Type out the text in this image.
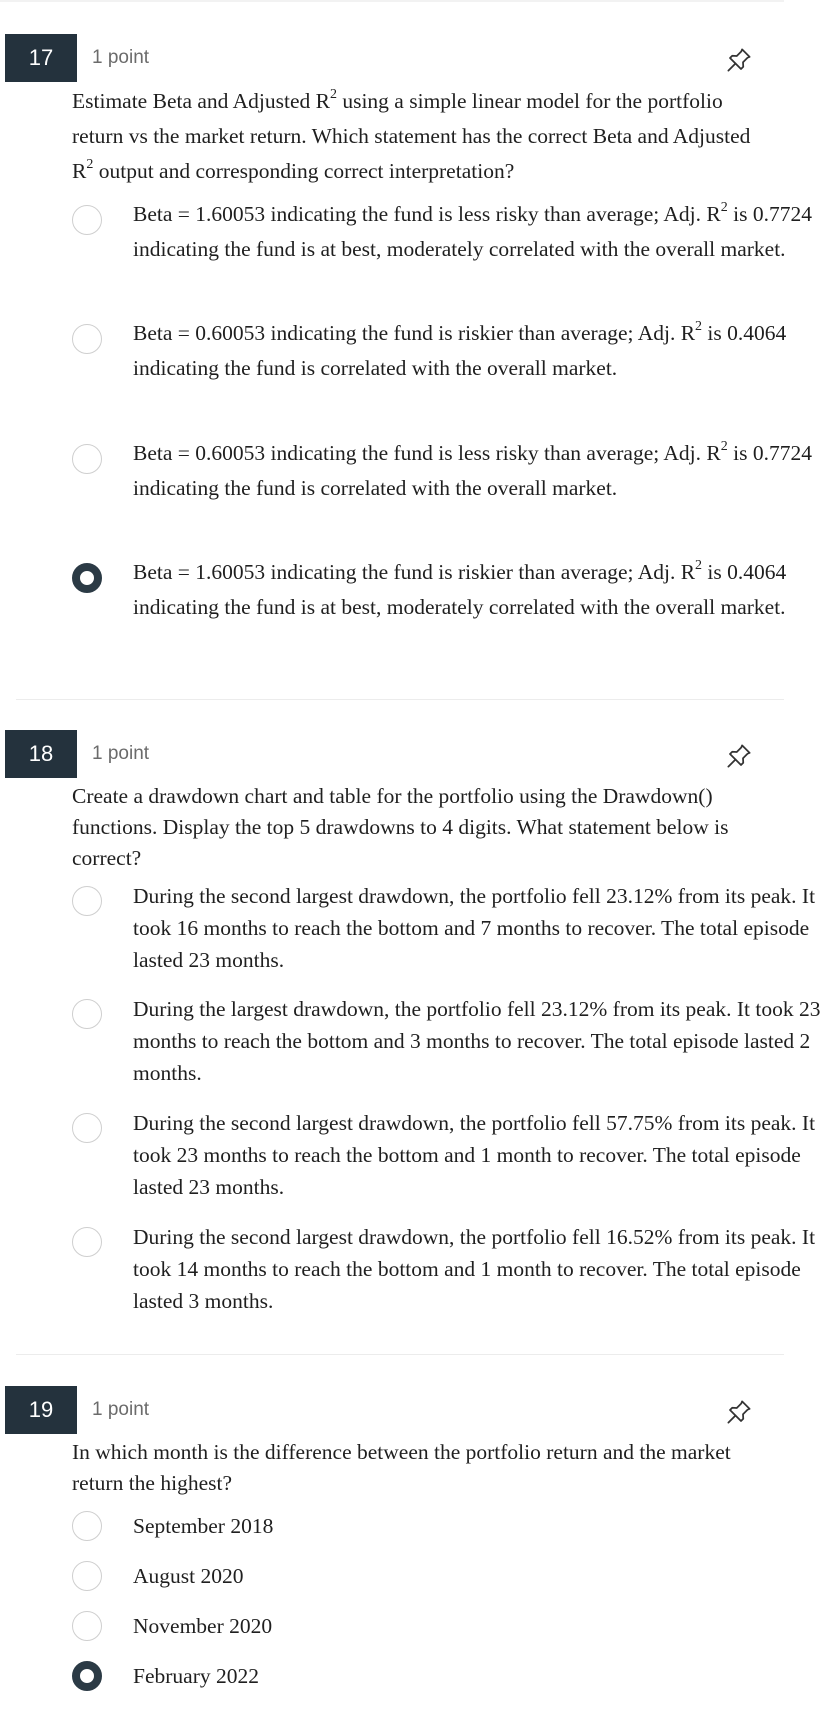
17	1 point
Estimate Beta and Adjusted $R^2$ using a simple linear model for the portfolio return vs the market return. Which statement has the correct Beta and Adjusted $R^2$ output and corresponding correct interpretation?
Beta = 1.60053 indicating the fund is less risky than average; Adj. $R^2$ is 0.7724 indicating the fund is at best, moderately correlated with the overall market.
Beta = 0.60053 indicating the fund is riskier than average; Adj. $R^2$ is 0.4064 indicating the fund is correlated with the overall market.
Beta = 0.60053 indicating the fund is less risky than average; Adj. $R^2$ is 0.7724 indicating the fund is correlated with the overall market.
Beta = 1.60053 indicating the fund is riskier than average; Adj. $R^2$ is 0.4064 indicating the fund is at best, moderately correlated with the overall market.
18	1 point
Create a drawdown chart and table for the portfolio using the Drawdown() functions. Display the top 5 drawdowns to 4 digits. What statement below is correct?
During the second largest drawdown, the portfolio fell 23.12% from its peak. It took 16 months to reach the bottom and 7 months to recover. The total episode lasted 23 months.
During the largest drawdown, the portfolio fell 23.12% from its peak. It took 23 months to reach the bottom and 3 months to recover. The total episode lasted 2 months.
During the second largest drawdown, the portfolio fell 57.75% from its peak. It took 23 months to reach the bottom and 1 month to recover. The total episode lasted 23 months.
During the second largest drawdown, the portfolio fell 16.52% from its peak. It took 14 months to reach the bottom and 1 month to recover. The total episode lasted 3 months.
19	1 point
In which month is the difference between the portfolio return and the market return the highest?
September 2018
August 2020
November 2020
February 2022
